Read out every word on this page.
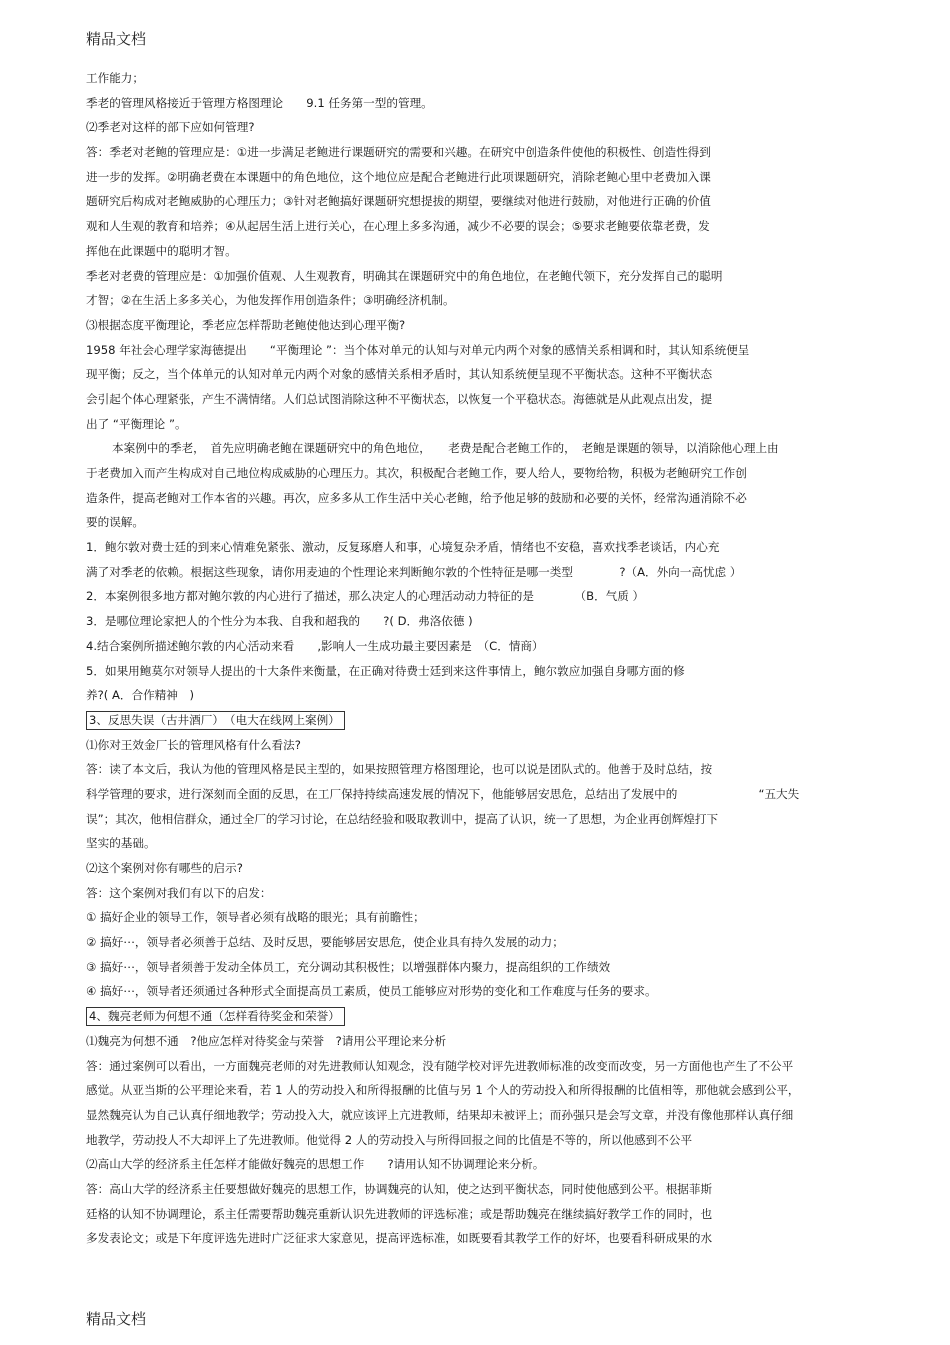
精品文档
工作能力；
季老的管理风格接近于管理方格图理论　　9.1 任务第一型的管理。
⑵季老对这样的部下应如何管理?
答：季老对老鲍的管理应是：①进一步满足老鲍进行课题研究的需要和兴趣。在研究中创造条件使他的积极性、创造性得到
进一步的发挥。②明确老费在本课题中的角色地位，这个地位应是配合老鲍进行此项课题研究，消除老鲍心里中老费加入课
题研究后构成对老鲍威胁的心理压力；③针对老鲍搞好课题研究想提拔的期望，要继续对他进行鼓励，对他进行正确的价值
观和人生观的教育和培养；④从起居生活上进行关心，在心理上多多沟通，减少不必要的误会；⑤要求老鲍要依靠老费，发
挥他在此课题中的聪明才智。
季老对老费的管理应是：①加强价值观、人生观教育，明确其在课题研究中的角色地位，在老鲍代领下，充分发挥自己的聪明
才智；②在生活上多多关心，为他发挥作用创造条件；③明确经济机制。
⑶根据态度平衡理论，季老应怎样帮助老鲍使他达到心理平衡?
1958 年社会心理学家海德提出　　“平衡理论 ”：当个体对单元的认知与对单元内两个对象的感情关系相调和时，其认知系统便呈
现平衡；反之，当个体单元的认知对单元内两个对象的感情关系相矛盾时，其认知系统便呈现不平衡状态。这种不平衡状态
会引起个体心理紧张，产生不满情绪。人们总试图消除这种不平衡状态，以恢复一个平稳状态。海德就是从此观点出发，提
出了 “平衡理论 ”。
本案例中的季老，　首先应明确老鲍在课题研究中的角色地位，　　老费是配合老鲍工作的，　老鲍是课题的领导，以消除他心理上由
于老费加入而产生构成对自己地位构成威胁的心理压力。其次，积极配合老鲍工作，要人给人，要物给物，积极为老鲍研究工作创
造条件，提高老鲍对工作本省的兴趣。再次，应多多从工作生活中关心老鲍，给予他足够的鼓励和必要的关怀，经常沟通消除不必
要的误解。
1．鲍尔敦对费士廷的到来心情难免紧张、激动，反复琢磨人和事，心境复杂矛盾，情绪也不安稳，喜欢找季老谈话，内心充
满了对季老的依赖。根据这些现象，请你用麦迪的个性理论来判断鲍尔敦的个性特征是哪一类型　　　　?（A．外向一高忧虑 ）
2．本案例很多地方都对鲍尔敦的内心进行了描述，那么决定人的心理活动动力特征的是　　　　（B．气质 ）
3．是哪位理论家把人的个性分为本我、自我和超我的　　?( D．弗洛依德 )
4.结合案例所描述鲍尔敦的内心活动来看　　,影响人一生成功最主要因素是　（C．情商）
5．如果用鲍莫尔对领导人提出的十大条件来衡量，在正确对待费士廷到来这件事情上，鲍尔敦应加强自身哪方面的修
养?( A．合作精神　)
3、反思失误（古井酒厂）　（电大在线网上案例）
⑴你对王效金厂长的管理风格有什么看法?
答：读了本文后，我认为他的管理风格是民主型的，如果按照管理方格图理论，也可以说是团队式的。他善于及时总结，按
科学管理的要求，进行深刻而全面的反思，在工厂保持持续高速发展的情况下，他能够居安思危，总结出了发展中的　　　　　　　“五大失
误”；其次，他相信群众，通过全厂的学习讨论，在总结经验和吸取教训中，提高了认识，统一了思想，为企业再创辉煌打下
坚实的基础。
⑵这个案例对你有哪些的启示?
答：这个案例对我们有以下的启发：
① 搞好企业的领导工作，领导者必须有战略的眼光；具有前瞻性；
② 搞好⋯，领导者必须善于总结、及时反思，要能够居安思危，使企业具有持久发展的动力；
③ 搞好⋯，领导者须善于发动全体员工，充分调动其积极性；以增强群体内聚力，提高组织的工作绩效
④ 搞好⋯，领导者还须通过各种形式全面提高员工素质，使员工能够应对形势的变化和工作难度与任务的要求。
4、魏亮老师为何想不通（怎样看待奖金和荣誉）
⑴魏亮为何想不通　?他应怎样对待奖金与荣誉　?请用公平理论来分析
答：通过案例可以看出，一方面魏亮老师的对先进教师认知观念，没有随学校对评先进教师标准的改变而改变，另一方面他也产生了不公平
感觉。从亚当斯的公平理论来看，若 1 人的劳动投入和所得报酬的比值与另 1 个人的劳动投入和所得报酬的比值相等，那他就会感到公平，
显然魏亮认为自己认真仔细地教学；劳动投入大，就应该评上亢进教师，结果却未被评上；而孙强只是会写文章，并没有像他那样认真仔细
地教学，劳动投人不大却评上了先进教师。他觉得 2 人的劳动投入与所得回报之间的比值是不等的，所以他感到不公平
⑵高山大学的经济系主任怎样才能做好魏亮的思想工作　　?请用认知不协调理论来分析。
答：高山大学的经济系主任要想做好魏亮的思想工作，协调魏亮的认知，使之达到平衡状态，同时使他感到公平。根据菲斯
廷格的认知不协调理论，系主任需要帮助魏亮重新认识先进教师的评选标准；或是帮助魏亮在继续搞好教学工作的同时，也
多发表论文；或是下年度评选先进时广泛征求大家意见，提高评选标准，如既要看其教学工作的好坏，也要看科研成果的水
精品文档
